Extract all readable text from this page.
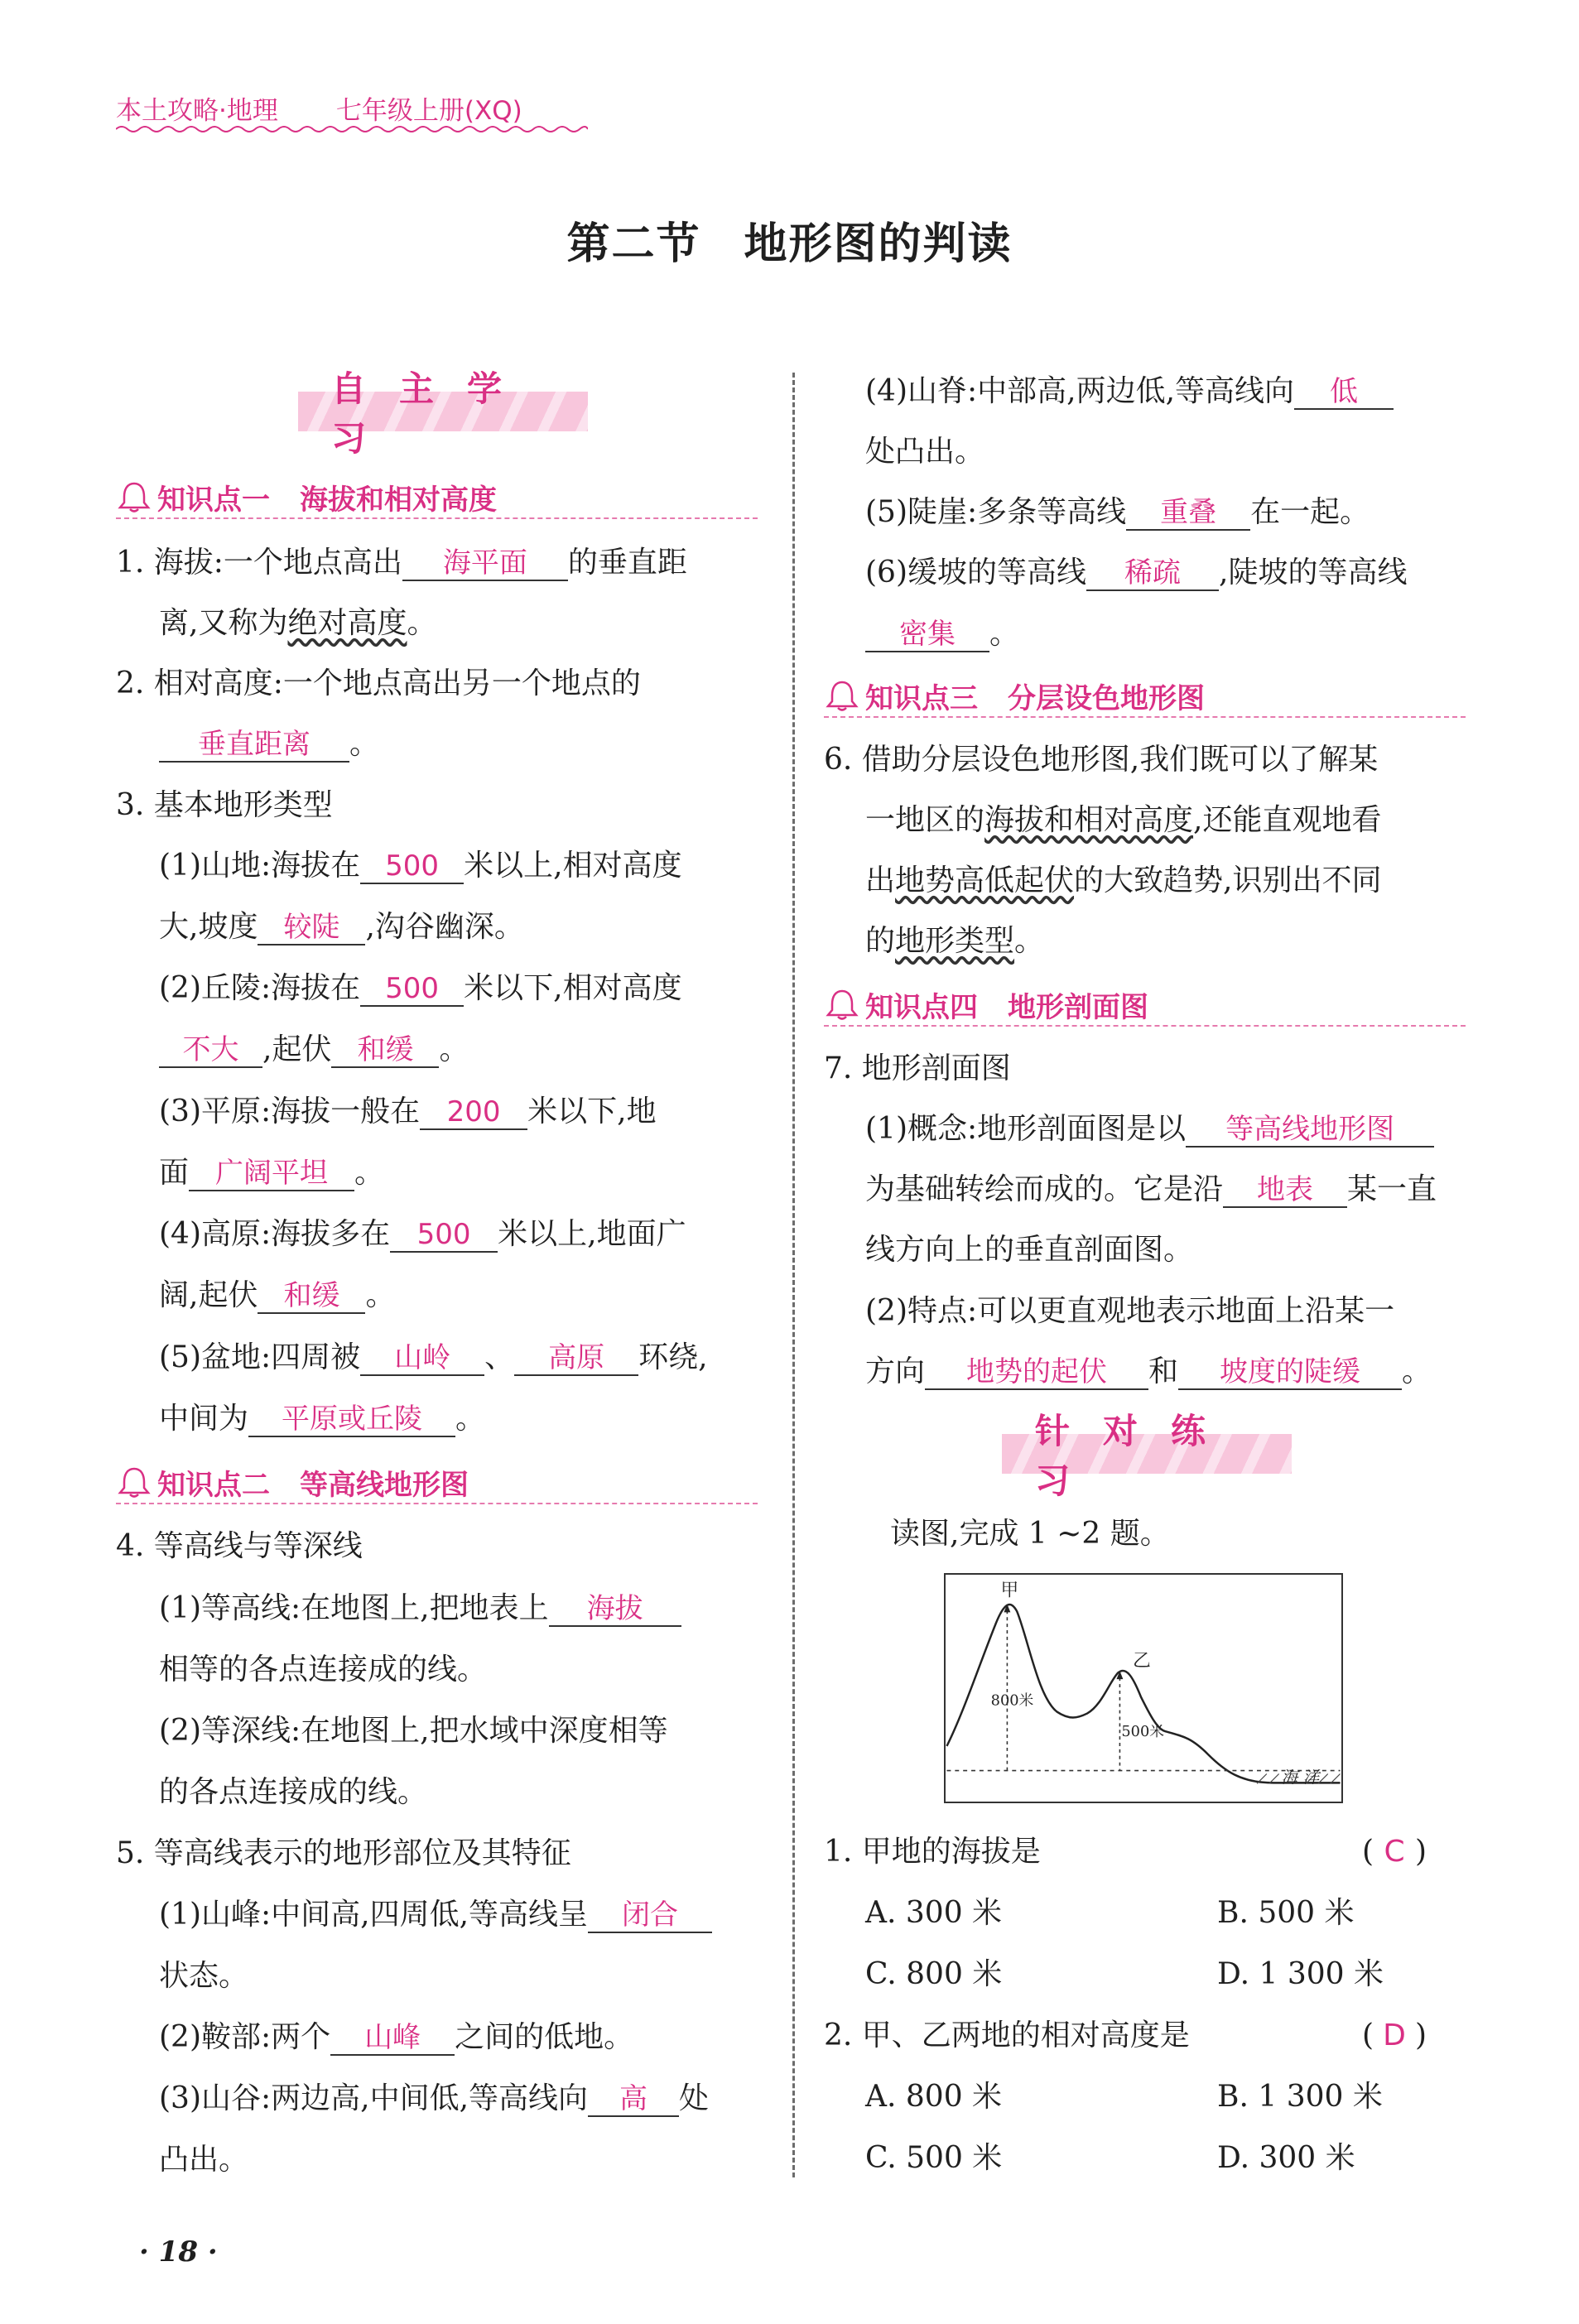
本土攻略·地理 七年级上册(XQ)
第二节 地形图的判读
自主学习
知识点一 海拔和相对高度
1. 海拔:一个地点高出 海平面 的垂直距
离,又称为绝对高度。
2. 相对高度:一个地点高出另一个地点的
垂直距离 。
3. 基本地形类型
(1)山地:海拔在 500 米以上,相对高度
大,坡度 较陡 ,沟谷幽深。
(2)丘陵:海拔在 500 米以下,相对高度
不大 ,起伏 和缓 。
(3)平原:海拔一般在 200 米以下,地
面 广阔平坦 。
(4)高原:海拔多在 500 米以上,地面广
阔,起伏 和缓 。
(5)盆地:四周被 山岭 、 高原 环绕,
中间为 平原或丘陵 。
知识点二 等高线地形图
4. 等高线与等深线
(1)等高线:在地图上,把地表上 海拔
相等的各点连接成的线。
(2)等深线:在地图上,把水域中深度相等
的各点连接成的线。
5. 等高线表示的地形部位及其特征
(1)山峰:中间高,四周低,等高线呈 闭合
状态。
(2)鞍部:两个 山峰 之间的低地。
(3)山谷:两边高,中间低,等高线向 高 处
凸出。
(4)山脊:中部高,两边低,等高线向 低
处凸出。
(5)陡崖:多条等高线 重叠 在一起。
(6)缓坡的等高线 稀疏 ,陡坡的等高线
密集 。
知识点三 分层设色地形图
6. 借助分层设色地形图,我们既可以了解某
一地区的海拔和相对高度,还能直观地看
出地势高低起伏的大致趋势,识别出不同
的地形类型。
知识点四 地形剖面图
7. 地形剖面图
(1)概念:地形剖面图是以 等高线地形图
为基础转绘而成的。它是沿 地表 某一直
线方向上的垂直剖面图。
(2)特点:可以更直观地表示地面上沿某一
方向 地势的起伏 和 坡度的陡缓 。
针对练习
读图,完成 1 ~2 题。
甲
乙
800米
500米
海 洋
1. 甲地的海拔是	( C )
A. 300 米	B. 500 米
C. 800 米	D. 1 300 米
2. 甲、乙两地的相对高度是	( D )
A. 800 米	B. 1 300 米
C. 500 米	D. 300 米
· 18 ·
